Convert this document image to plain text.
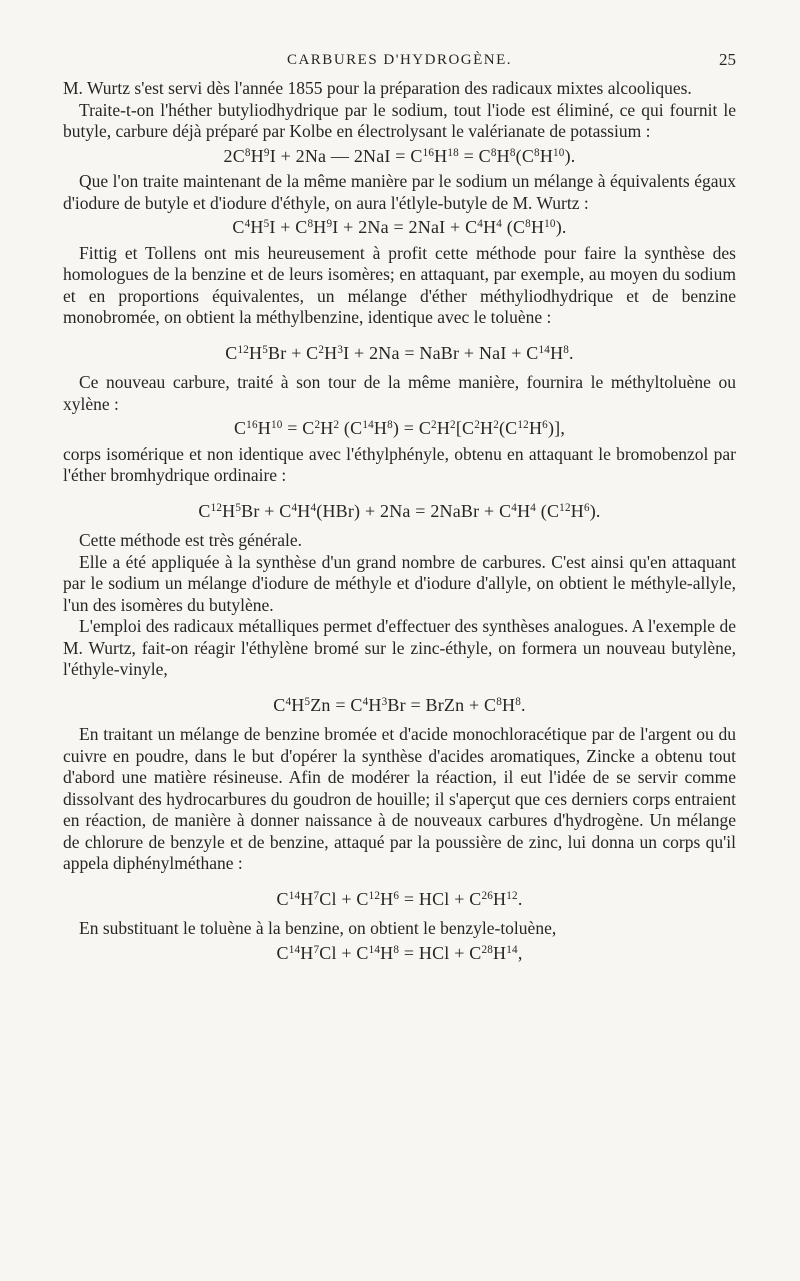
CARBURES D'HYDROGÈNE.	25

M. Wurtz s'est servi dès l'année 1855 pour la préparation des radicaux mixtes alcooliques.

Traite-t-on l'héther butyliodhydrique par le sodium, tout l'iode est éliminé, ce qui fournit le butyle, carbure déjà préparé par Kolbe en électrolysant le valérianate de potassium :

$2C^8H^9I + 2Na$ — $2NaI = C^{16}H^{18} = C^8H^8(C^8H^{10})$.

Que l'on traite maintenant de la même manière par le sodium un mélange à équivalents égaux d'iodure de butyle et d'iodure d'éthyle, on aura l'étlyle-butyle de M. Wurtz :

$C^4H^5I + C^8H^9I + 2Na = 2NaI + C^4H^4$ $(C^8H^{10})$.

Fittig et Tollens ont mis heureusement à profit cette méthode pour faire la synthèse des homologues de la benzine et de leurs isomères; en attaquant, par exemple, au moyen du sodium et en proportions équivalentes, un mélange d'éther méthyliodhydrique et de benzine monobromée, on obtient la méthylbenzine, identique avec le toluène :

$C^{12}H^5Br + C^2H^3I + 2Na$ = NaBr + NaI + $C^{14}H^8$.

Ce nouveau carbure, traité à son tour de la même manière, fournira le méthyltoluène ou xylène :

$C^{16}H^{10} = C^2H^2$ $(C^{14}H^8) = C^2H^2[C^2H^2(C^{12}H^6)]$,

corps isomérique et non identique avec l'éthylphényle, obtenu en attaquant le bromobenzol par l'éther bromhydrique ordinaire :

$C^{12}H^5Br + C^4H^4(HBr) + 2Na$ = 2NaBr + $C^4H^4$ $(C^{12}H^6)$.

Cette méthode est très générale.

Elle a été appliquée à la synthèse d'un grand nombre de carbures. C'est ainsi qu'en attaquant par le sodium un mélange d'iodure de méthyle et d'iodure d'allyle, on obtient le méthyle-allyle, l'un des isomères du butylène.

L'emploi des radicaux métalliques permet d'effectuer des synthèses analogues. A l'exemple de M. Wurtz, fait-on réagir l'éthylène bromé sur le zinc-éthyle, on formera un nouveau butylène, l'éthyle-vinyle,

$C^4H^5Zn = C^4H^3Br$ = BrZn + $C^8H^8$.

En traitant un mélange de benzine bromée et d'acide monochloracétique par de l'argent ou du cuivre en poudre, dans le but d'opérer la synthèse d'acides aromatiques, Zincke a obtenu tout d'abord une matière résineuse. Afin de modérer la réaction, il eut l'idée de se servir comme dissolvant des hydrocarbures du goudron de houille; il s'aperçut que ces derniers corps entraient en réaction, de manière à donner naissance à de nouveaux carbures d'hydrogène. Un mélange de chlorure de benzyle et de benzine, attaqué par la poussière de zinc, lui donna un corps qu'il appela diphénylméthane :

$C^{14}H^7Cl + C^{12}H^6$ = HCl + $C^{26}H^{12}$.

En substituant le toluène à la benzine, on obtient le benzyle-toluène,

$C^{14}H^7Cl + C^{14}H^8$ = HCl + $C^{28}H^{14}$,
